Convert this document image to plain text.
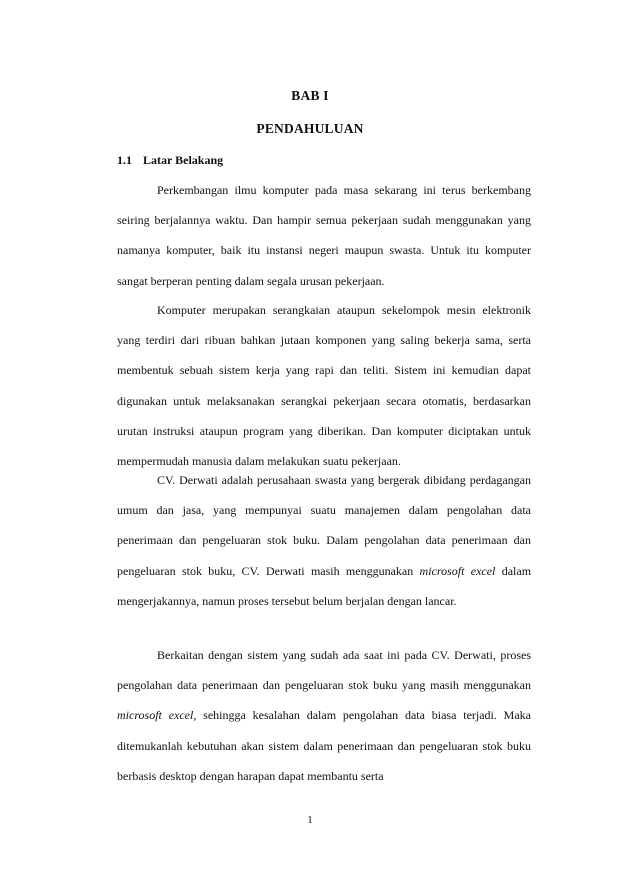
BAB I
PENDAHULUAN
1.1 Latar Belakang

Perkembangan ilmu komputer pada masa sekarang ini terus berkembang seiring berjalannya waktu. Dan hampir semua pekerjaan sudah menggunakan yang namanya komputer, baik itu instansi negeri maupun swasta. Untuk itu komputer sangat berperan penting dalam segala urusan pekerjaan.

Komputer merupakan serangkaian ataupun sekelompok mesin elektronik yang terdiri dari ribuan bahkan jutaan komponen yang saling bekerja sama, serta membentuk sebuah sistem kerja yang rapi dan teliti. Sistem ini kemudian dapat digunakan untuk melaksanakan serangkai pekerjaan secara otomatis, berdasarkan urutan instruksi ataupun program yang diberikan. Dan komputer diciptakan untuk mempermudah manusia dalam melakukan suatu pekerjaan.

CV. Derwati adalah perusahaan swasta yang bergerak dibidang perdagangan umum dan jasa, yang mempunyai suatu manajemen dalam pengolahan data penerimaan dan pengeluaran stok buku. Dalam pengolahan data penerimaan dan pengeluaran stok buku, CV. Derwati masih menggunakan microsoft excel dalam mengerjakannya, namun proses tersebut belum berjalan dengan lancar.

Berkaitan dengan sistem yang sudah ada saat ini pada CV. Derwati, proses pengolahan data penerimaan dan pengeluaran stok buku yang masih menggunakan microsoft excel, sehingga kesalahan dalam pengolahan data biasa terjadi. Maka ditemukanlah kebutuhan akan sistem dalam penerimaan dan pengeluaran stok buku berbasis desktop dengan harapan dapat membantu serta

1
